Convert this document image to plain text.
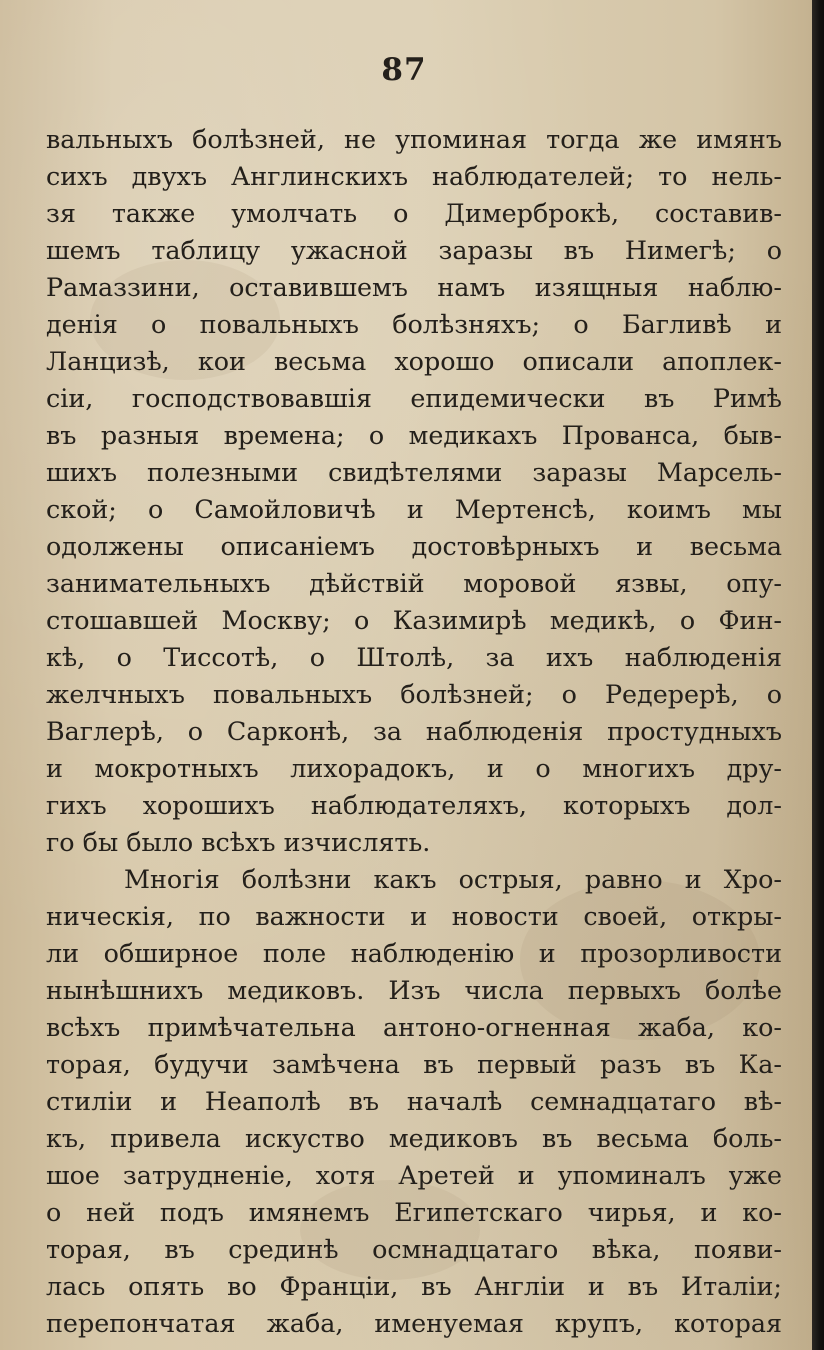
87
вальныхъ болѣзней, не упоминая тогда же имянъ
сихъ двухъ Англинскихъ наблюдателей; то нель-
зя также умолчать о Димерброкѣ, составив-
шемъ таблицу ужасной заразы въ Нимегѣ; о
Рамаззини, оставившемъ намъ изящныя наблю-
денія о повальныхъ болѣзняхъ; о Багливѣ и
Ланцизѣ, кои весьма хорошо описали апоплек-
сіи, господствовавшія епидемически въ Римѣ
въ разныя времена; о медикахъ Прованса, быв-
шихъ полезными свидѣтелями заразы Марсель-
ской; о Самойловичѣ и Мертенсѣ, коимъ мы
одолжены описаніемъ достовѣрныхъ и весьма
занимательныхъ дѣйствій моровой язвы, опу-
стошавшей Москву; о Казимирѣ медикѣ, о Фин-
кѣ, о Тиссотѣ, о Штолѣ, за ихъ наблюденія
желчныхъ повальныхъ болѣзней; о Редерерѣ, о
Ваглерѣ, о Сарконѣ, за наблюденія простудныхъ
и мокротныхъ лихорадокъ, и о многихъ дру-
гихъ хорошихъ наблюдателяхъ, которыхъ дол-
го бы было всѣхъ изчислять.
Многія болѣзни какъ острыя, равно и Хро-
ническія, по важности и новости своей, откры-
ли обширное поле наблюденію и прозорливости
нынѣшнихъ медиковъ. Изъ числа первыхъ болѣе
всѣхъ примѣчательна антоно-огненная жаба, ко-
торая, будучи замѣчена въ первый разъ въ Ка-
стиліи и Неаполѣ въ началѣ семнадцатаго вѣ-
къ, привела искуство медиковъ въ весьма боль-
шое затрудненіе, хотя Аретей и упоминалъ уже
о ней подъ имянемъ Египетскаго чирья, и ко-
торая, въ срединѣ осмнадцатаго вѣка, появи-
лась опять во Франціи, въ Англіи и въ Италіи;
перепончатая жаба, именуемая крупъ, которая
